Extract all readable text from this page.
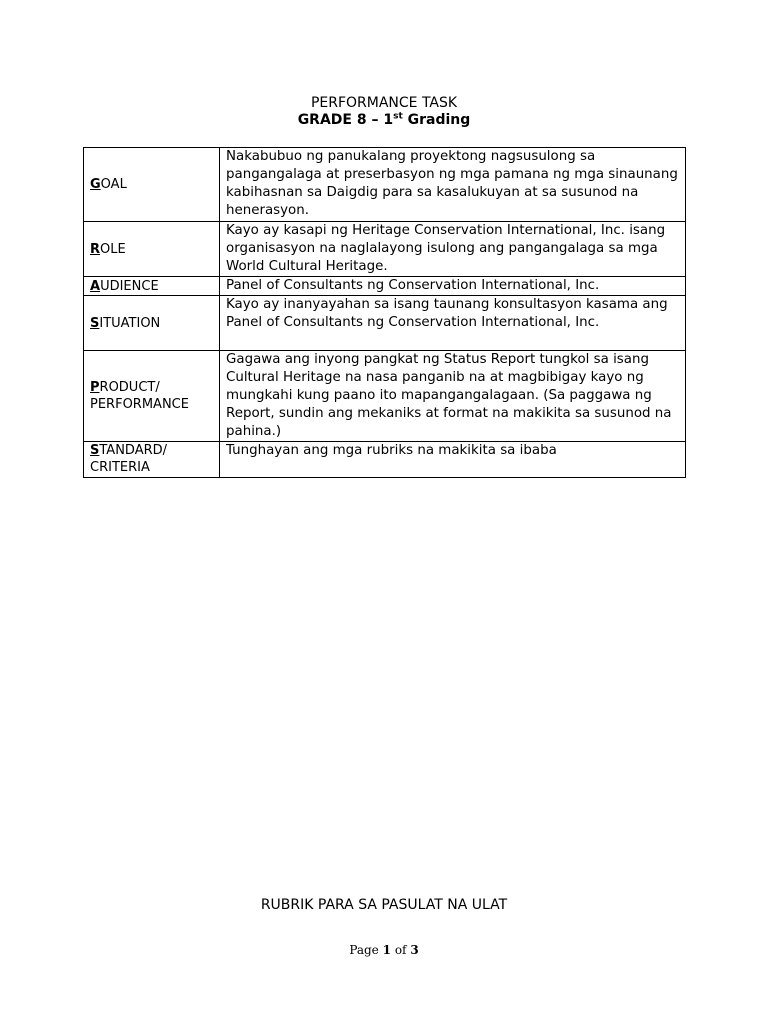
PERFORMANCE TASK
GRADE 8 – 1st Grading
GOAL	Nakabubuo ng panukalang proyektong nagsusulong sa pangangalaga at preserbasyon ng mga pamana ng mga sinaunang kabihasnan sa Daigdig para sa kasalukuyan at sa susunod na henerasyon.
ROLE	Kayo ay kasapi ng Heritage Conservation International, Inc. isang organisasyon na naglalayong isulong ang pangangalaga sa mga World Cultural Heritage.
AUDIENCE	Panel of Consultants ng Conservation International, Inc.
SITUATION	Kayo ay inanyayahan sa isang taunang konsultasyon kasama ang Panel of Consultants ng Conservation International, Inc.
PRODUCT/ PERFORMANCE	Gagawa ang inyong pangkat ng Status Report tungkol sa isang Cultural Heritage na nasa panganib na at magbibigay kayo ng mungkahi kung paano ito mapangangalagaan. (Sa paggawa ng Report, sundin ang mekaniks at format na makikita sa susunod na pahina.)
STANDARD/ CRITERIA	Tunghayan ang mga rubriks na makikita sa ibaba
RUBRIK PARA SA PASULAT NA ULAT
Page 1 of 3
